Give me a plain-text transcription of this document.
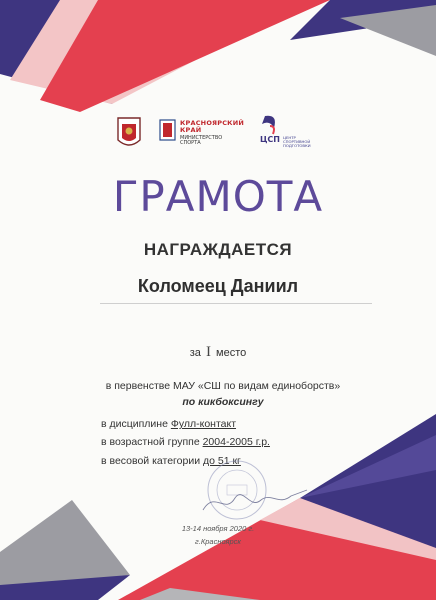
КРАСНОЯРСКИЙ КРАЙ
МИНИСТЕРСТВО СПОРТА	ЦСП ЦЕНТР СПОРТИВНОЙ ПОДГОТОВКИ
ГРАМОТА
НАГРАЖДАЕТСЯ
Коломеец Даниил
за I место
в первенстве МАУ «СШ по видам единоборств»
по кикбоксингу
в дисциплине Фулл-контакт
в возрастной группе 2004-2005 г.р.
в весовой категории до 51 кг
13-14 ноября 2020 г.
г.Красноярск
